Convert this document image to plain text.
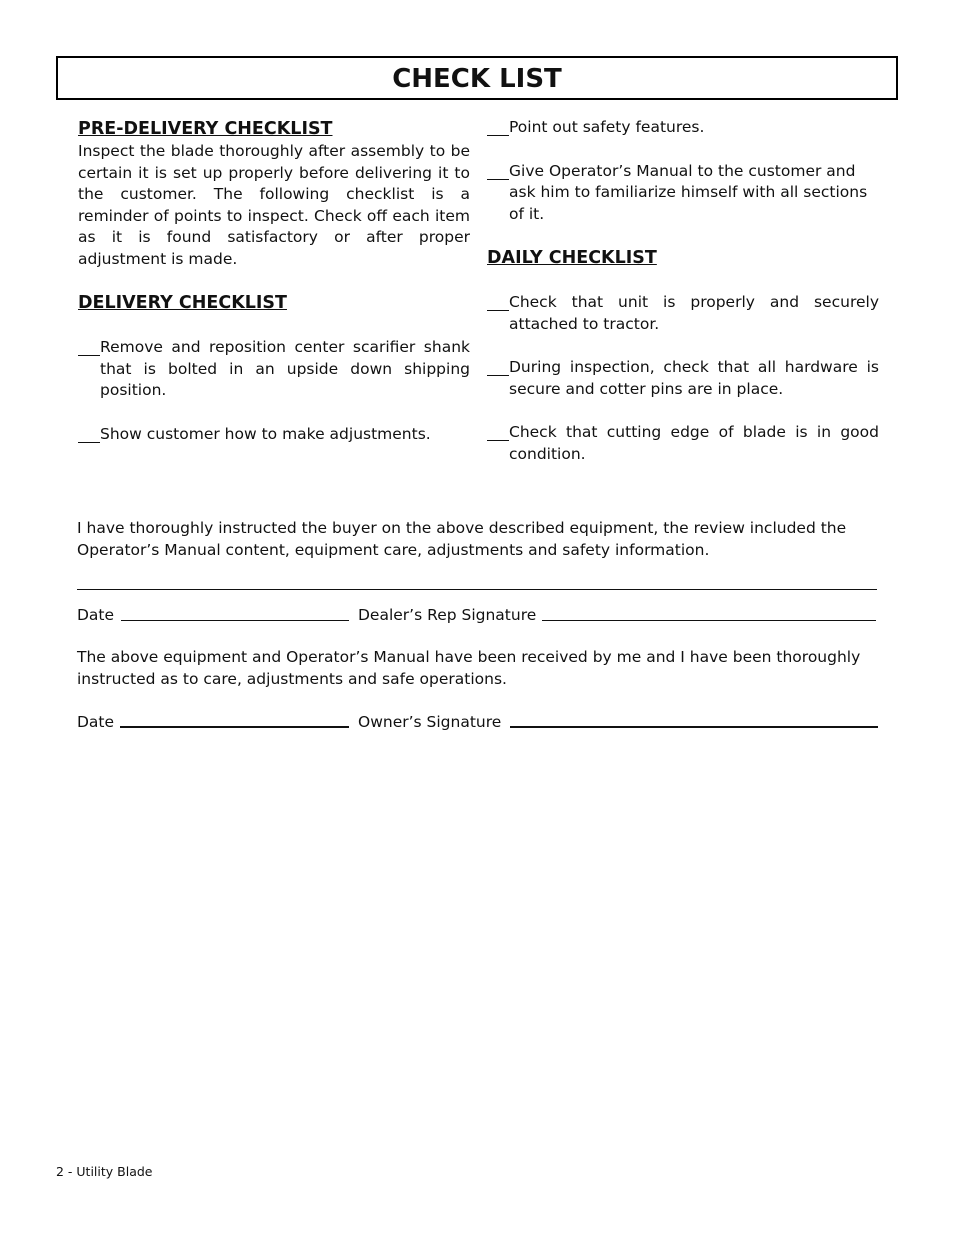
CHECK LIST

PRE-DELIVERY CHECKLIST

Inspect the blade thoroughly after assembly to be certain it is set up properly before delivering it to the customer. The following checklist is a reminder of points to inspect. Check off each item as it is found satisfactory or after proper adjustment is made.

DELIVERY CHECKLIST

Remove and reposition center scarifier shank that is bolted in an upside down shipping position.
Show customer how to make adjustments.
Point out safety features.
Give Operator’s Manual to the customer and ask him to familiarize himself with all sections of it.

DAILY CHECKLIST

Check that unit is properly and securely attached to tractor.
During inspection, check that all hardware is secure and cotter pins are in place.
Check that cutting edge of blade is in good condition.
I have thoroughly instructed the buyer on the above described equipment, the review included the Operator’s Manual content, equipment care, adjustments and safety information.
Date	Dealer’s Rep Signature
The above equipment and Operator’s Manual have been received by me and I have been thoroughly instructed as to care, adjustments and safe operations.
Date	Owner’s Signature
2 - Utility Blade
